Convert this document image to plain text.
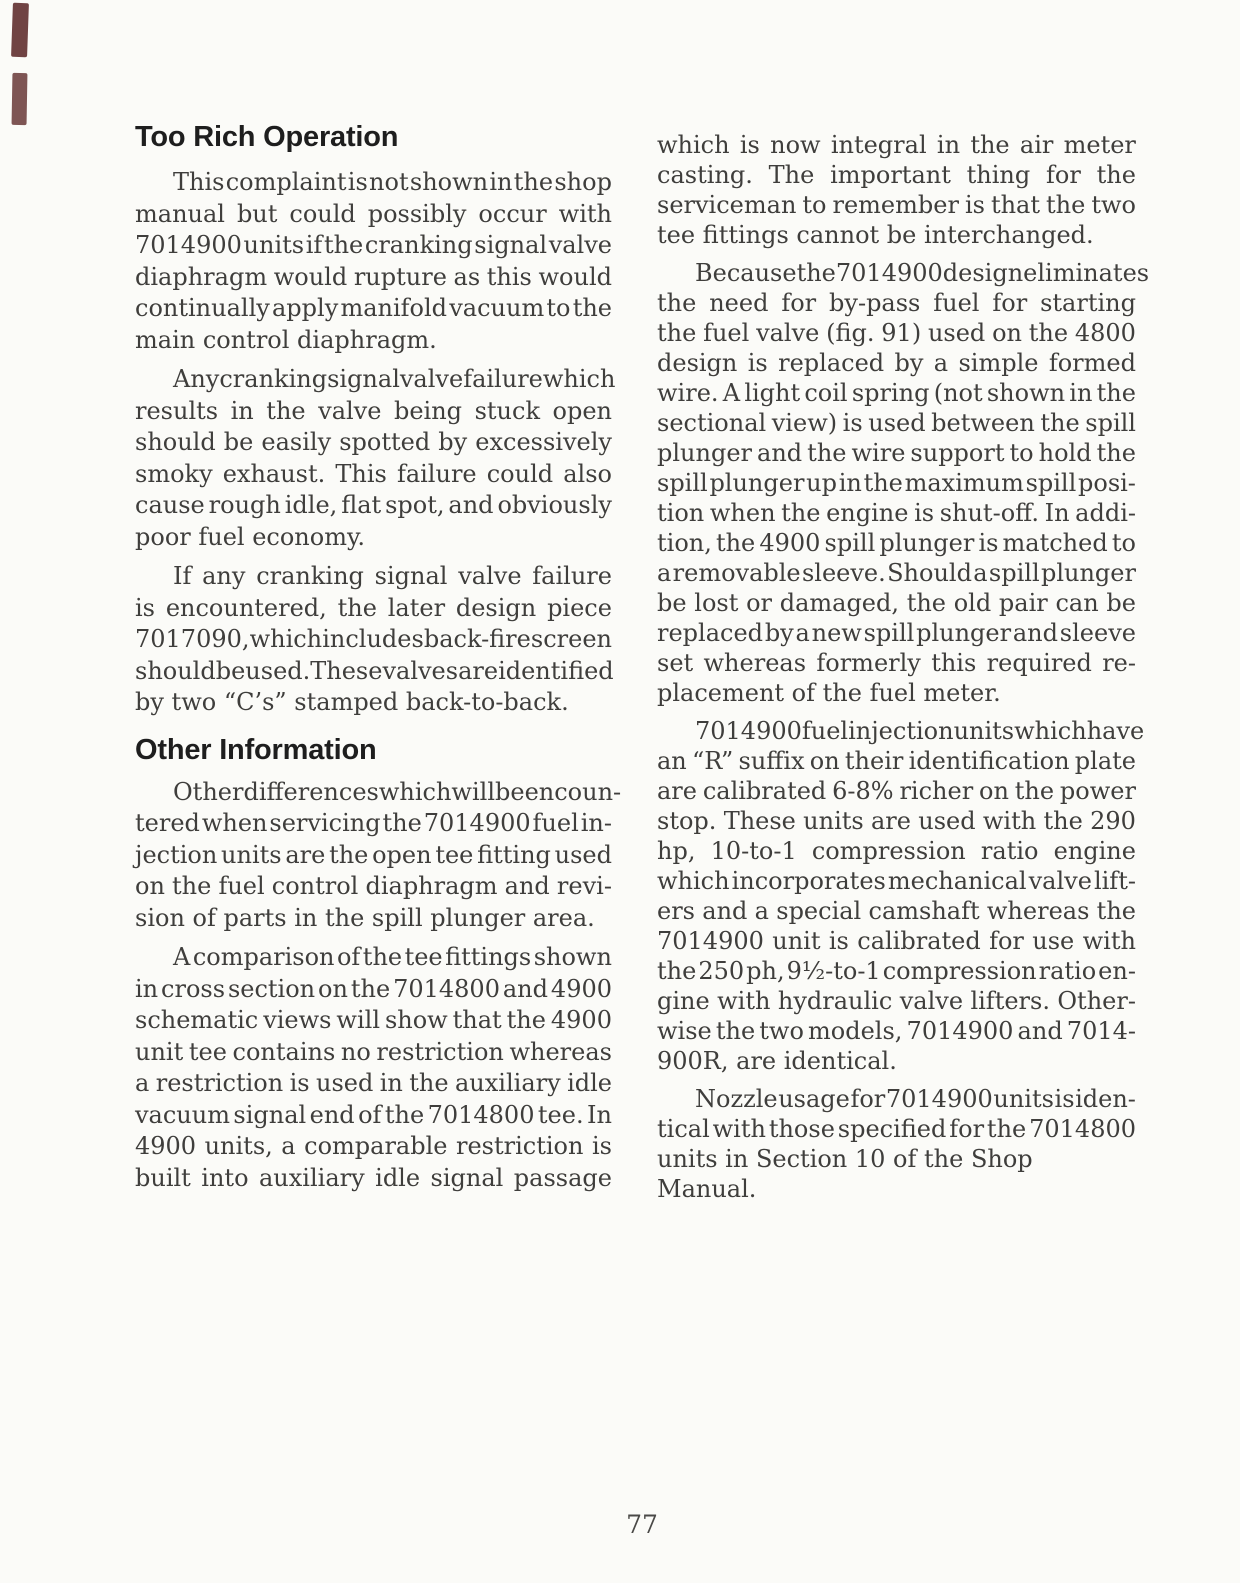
Too Rich Operation
This complaint is not shown in the shop
manual but could possibly occur with
7014900 units if the cranking signal valve
diaphragm would rupture as this would
continually apply manifold vacuum to the
main control diaphragm.
Any cranking signal valve failure which
results in the valve being stuck open
should be easily spotted by excessively
smoky exhaust. This failure could also
cause rough idle, flat spot, and obviously
poor fuel economy.
If any cranking signal valve failure
is encountered, the later design piece
7017090, which includes back-fire screen
should be used. These valves are identified
by two “C’s” stamped back-to-back.
Other Information
Other differences which will be encoun-
tered when servicing the 7014900 fuel in-
jection units are the open tee fitting used
on the fuel control diaphragm and revi-
sion of parts in the spill plunger area.
A comparison of the tee fittings shown
in cross section on the 7014800 and 4900
schematic views will show that the 4900
unit tee contains no restriction whereas
a restriction is used in the auxiliary idle
vacuum signal end of the 7014800 tee. In
4900 units, a comparable restriction is
built into auxiliary idle signal passage
which is now integral in the air meter
casting. The important thing for the
serviceman to remember is that the two
tee fittings cannot be interchanged.
Because the 7014900 design eliminates
the need for by-pass fuel for starting
the fuel valve (fig. 91) used on the 4800
design is replaced by a simple formed
wire. A light coil spring (not shown in the
sectional view) is used between the spill
plunger and the wire support to hold the
spill plunger up in the maximum spill posi-
tion when the engine is shut-off. In addi-
tion, the 4900 spill plunger is matched to
a removable sleeve. Should a spill plunger
be lost or damaged, the old pair can be
replaced by a new spill plunger and sleeve
set whereas formerly this required re-
placement of the fuel meter.
7014900 fuel injection units which have
an “R” suffix on their identification plate
are calibrated 6-8% richer on the power
stop. These units are used with the 290
hp, 10-to-1 compression ratio engine
which incorporates mechanical valve lift-
ers and a special camshaft whereas the
7014900 unit is calibrated for use with
the 250 ph, 9½-to-1 compression ratio en-
gine with hydraulic valve lifters. Other-
wise the two models, 7014900 and 7014-
900R, are identical.
Nozzle usage for 7014900 units is iden-
tical with those specified for the 7014800
units in Section 10 of the Shop Manual.
77
